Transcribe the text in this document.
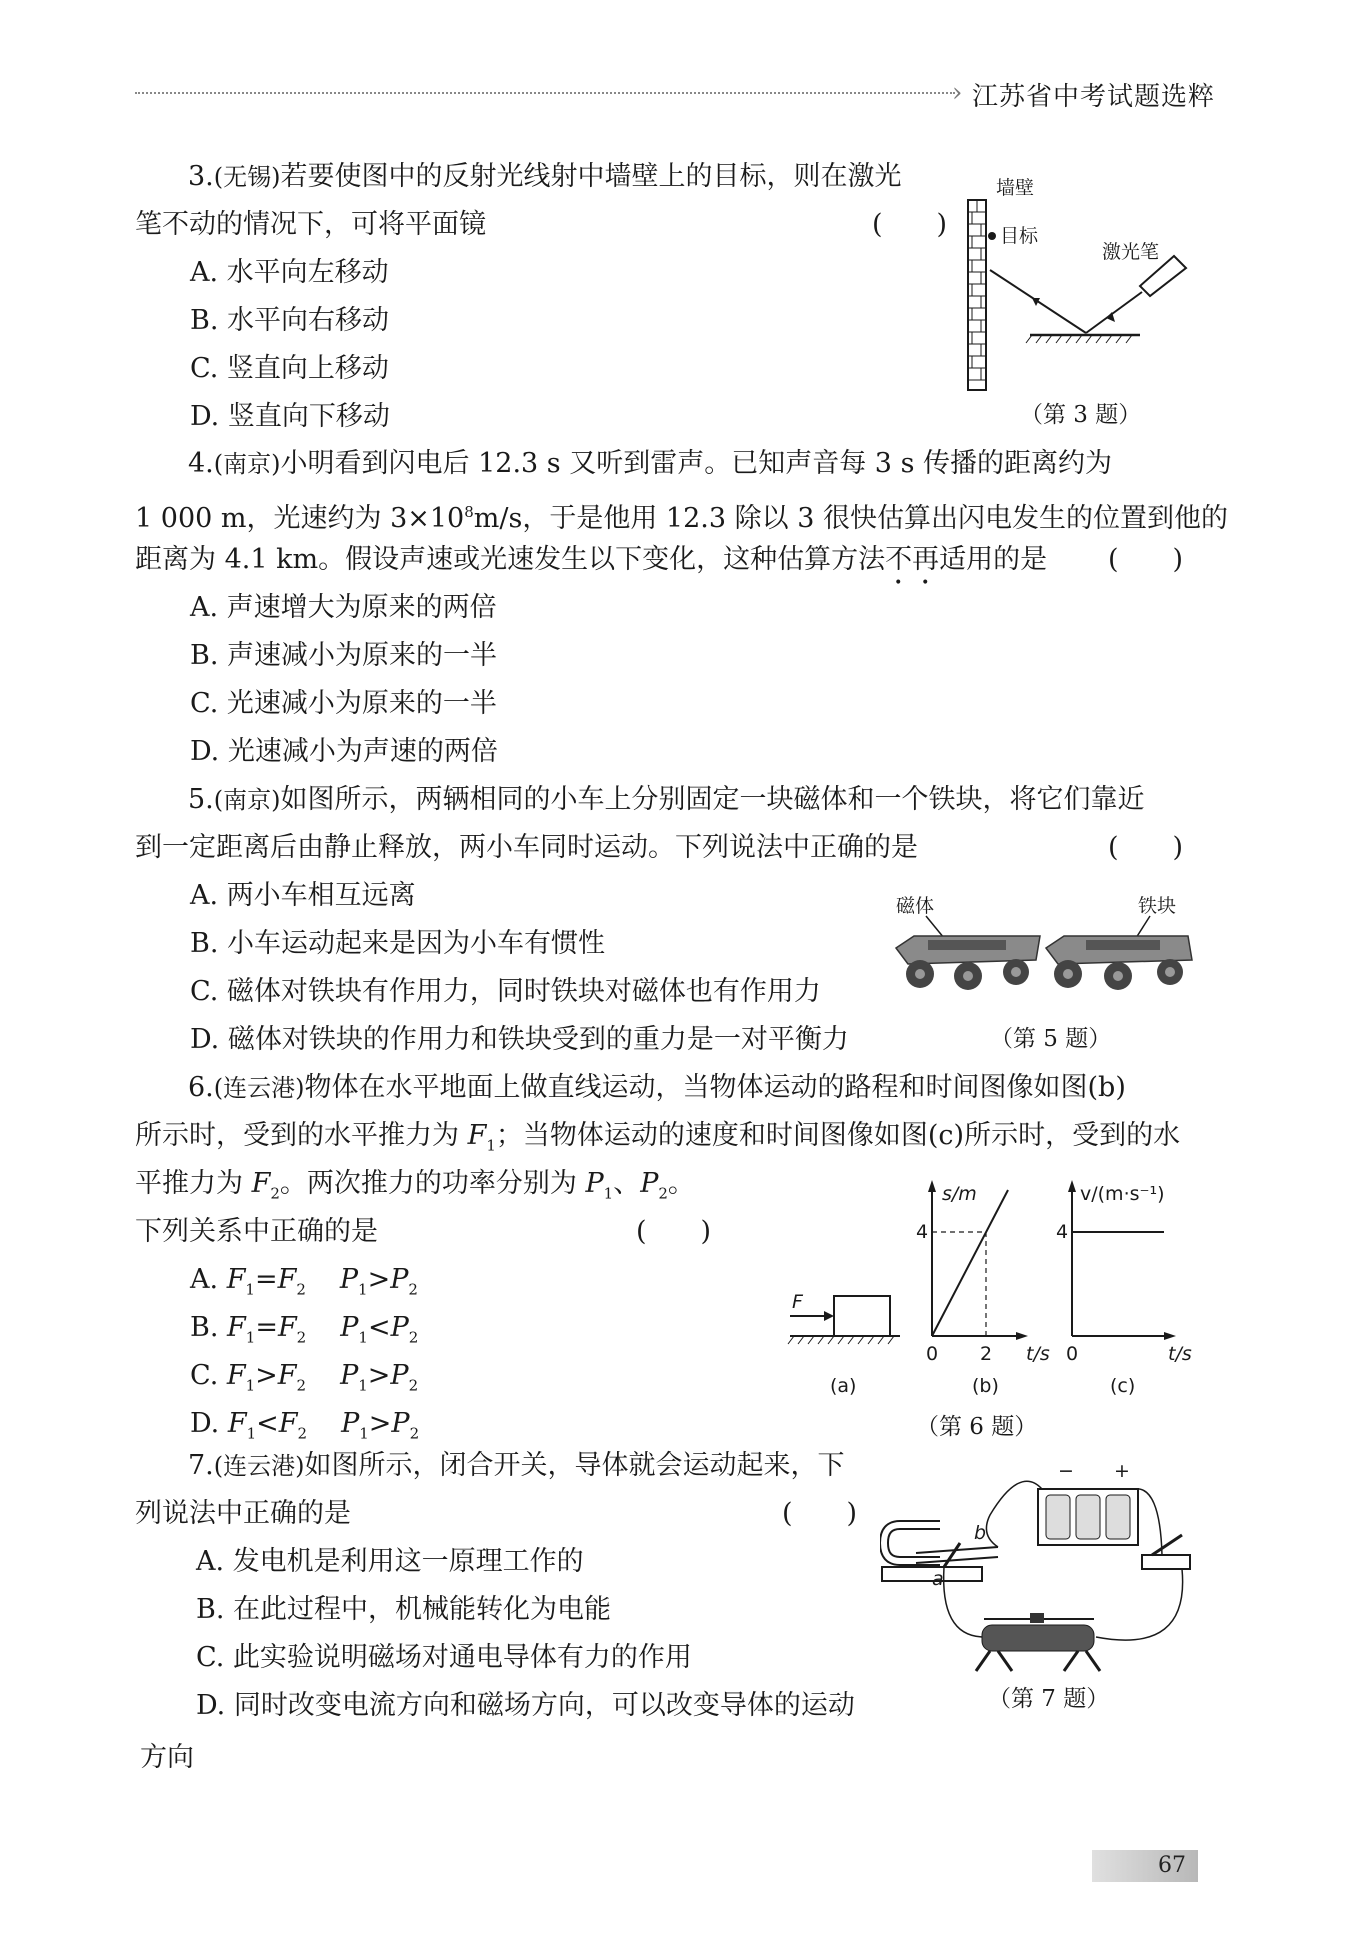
› 江苏省中考试题选粹
3.(无锡)若要使图中的反射光线射中墙壁上的目标，则在激光
笔不动的情况下，可将平面镜	(　　)
A. 水平向左移动
B. 水平向右移动
C. 竖直向上移动
D. 竖直向下移动
墙壁
目标
激光笔
（第 3 题）
4.(南京)小明看到闪电后 12.3 s 又听到雷声。已知声音每 3 s 传播的距离约为
1 000 m，光速约为 $3\times 10^8m/s$，于是他用 12.3 除以 3 很快估算出闪电发生的位置到他的
距离为 4.1 km。假设声速或光速发生以下变化，这种估算方法不再适用的是 (　　)
A. 声速增大为原来的两倍
B. 声速减小为原来的一半
C. 光速减小为原来的一半
D. 光速减小为声速的两倍
5.(南京)如图所示，两辆相同的小车上分别固定一块磁体和一个铁块，将它们靠近
到一定距离后由静止释放，两小车同时运动。下列说法中正确的是	(　　)
A. 两小车相互远离
B. 小车运动起来是因为小车有惯性
C. 磁体对铁块有作用力，同时铁块对磁体也有作用力
D. 磁体对铁块的作用力和铁块受到的重力是一对平衡力
磁体	铁块
（第 5 题）
6.(连云港)物体在水平地面上做直线运动，当物体运动的路程和时间图像如图(b)
所示时，受到的水平推力为 $F_1$；当物体运动的速度和时间图像如图(c)所示时，受到的水
平推力为 $F_2$。两次推力的功率分别为 $P_1$、$P_2$。
下列关系中正确的是	(　　)
A. $F_1=F_2$ $P_1>P_2$
B. $F_1=F_2$ $P_1<P_2$
C. $F_1>F_2$ $P_1>P_2$
D. $F_1<F_2$ $P_1>P_2$
F
s/m
4
0 2 t/s
v/(m·s⁻¹)
4
0	t/s
(a)	(b)	(c)
（第 6 题）
7.(连云港)如图所示，闭合开关，导体就会运动起来，下
列说法中正确的是	(　　)
A. 发电机是利用这一原理工作的
B. 在此过程中，机械能转化为电能
C. 此实验说明磁场对通电导体有力的作用
D. 同时改变电流方向和磁场方向，可以改变导体的运动
方向
− +
b
a
（第 7 题）
67
